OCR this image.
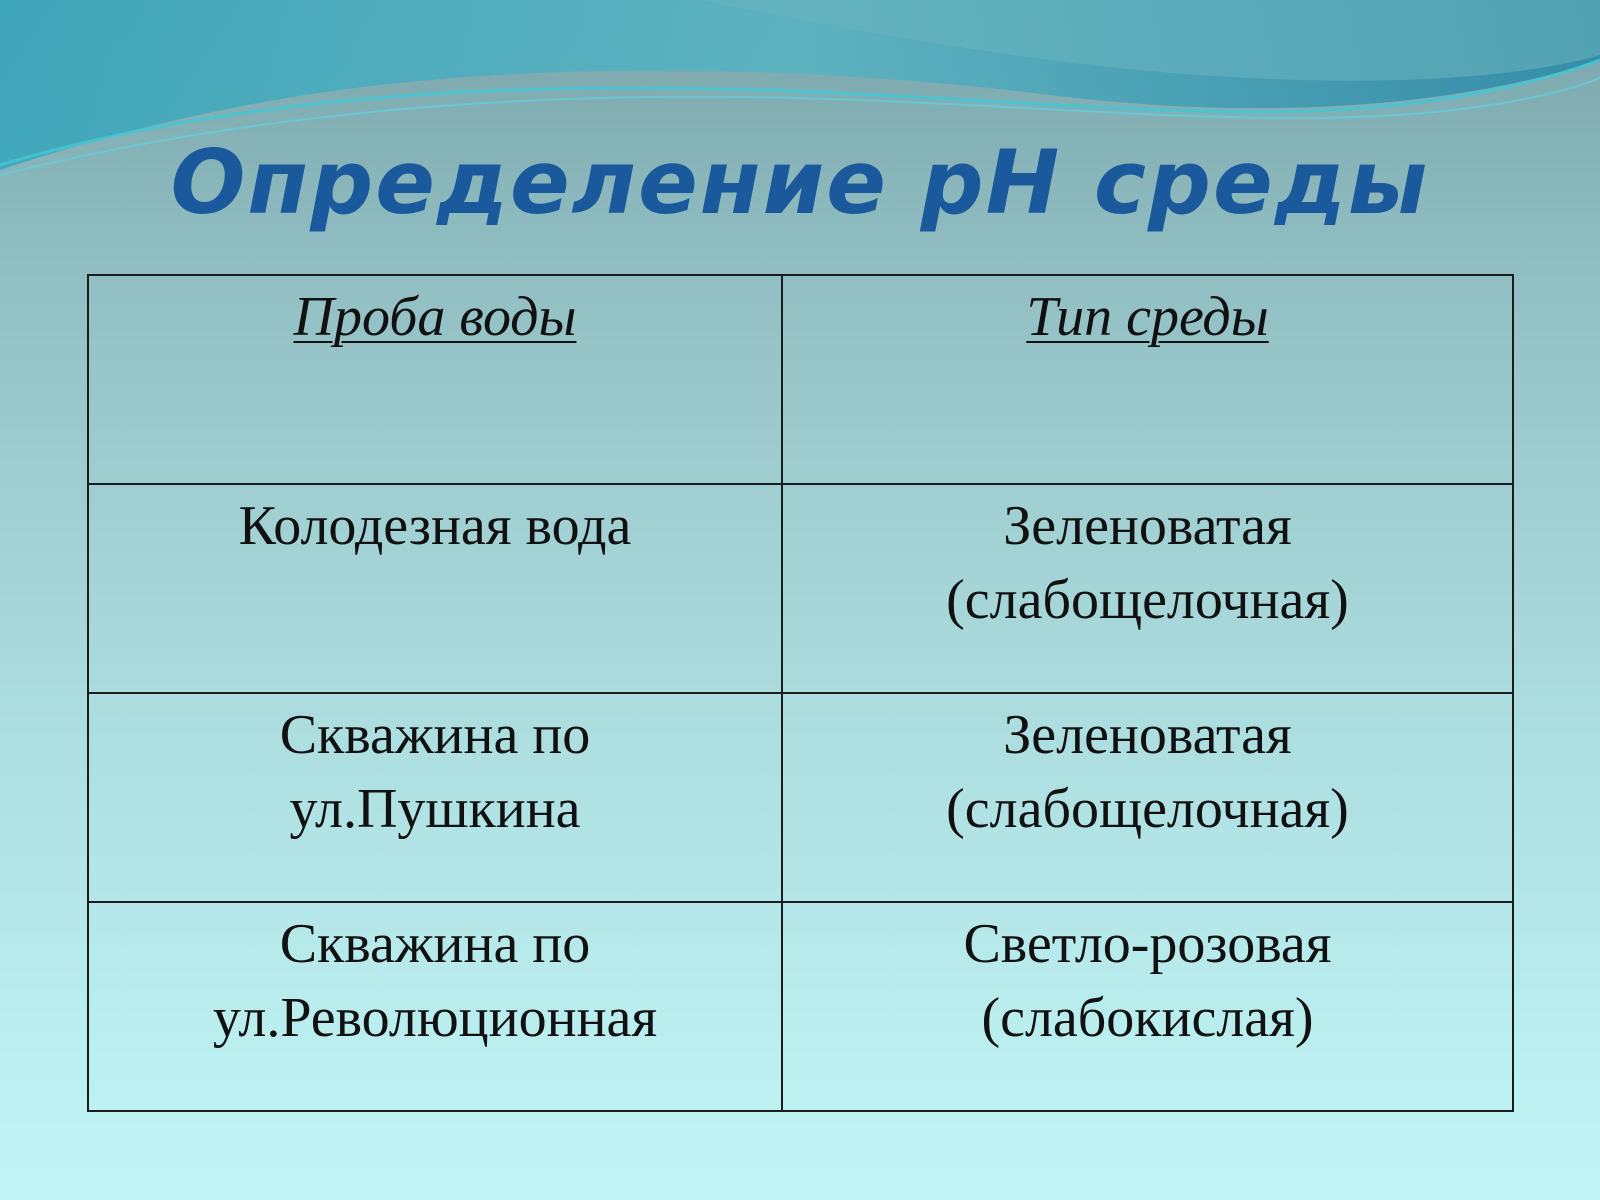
Определение pH среды
Проба воды	Тип среды

Колодезная вода	Зеленоватая
(слабощелочная)

Скважина по
ул.Пушкина	Зеленоватая
(слабощелочная)

Скважина по
ул.Революционная	Светло-розовая
(слабокислая)
